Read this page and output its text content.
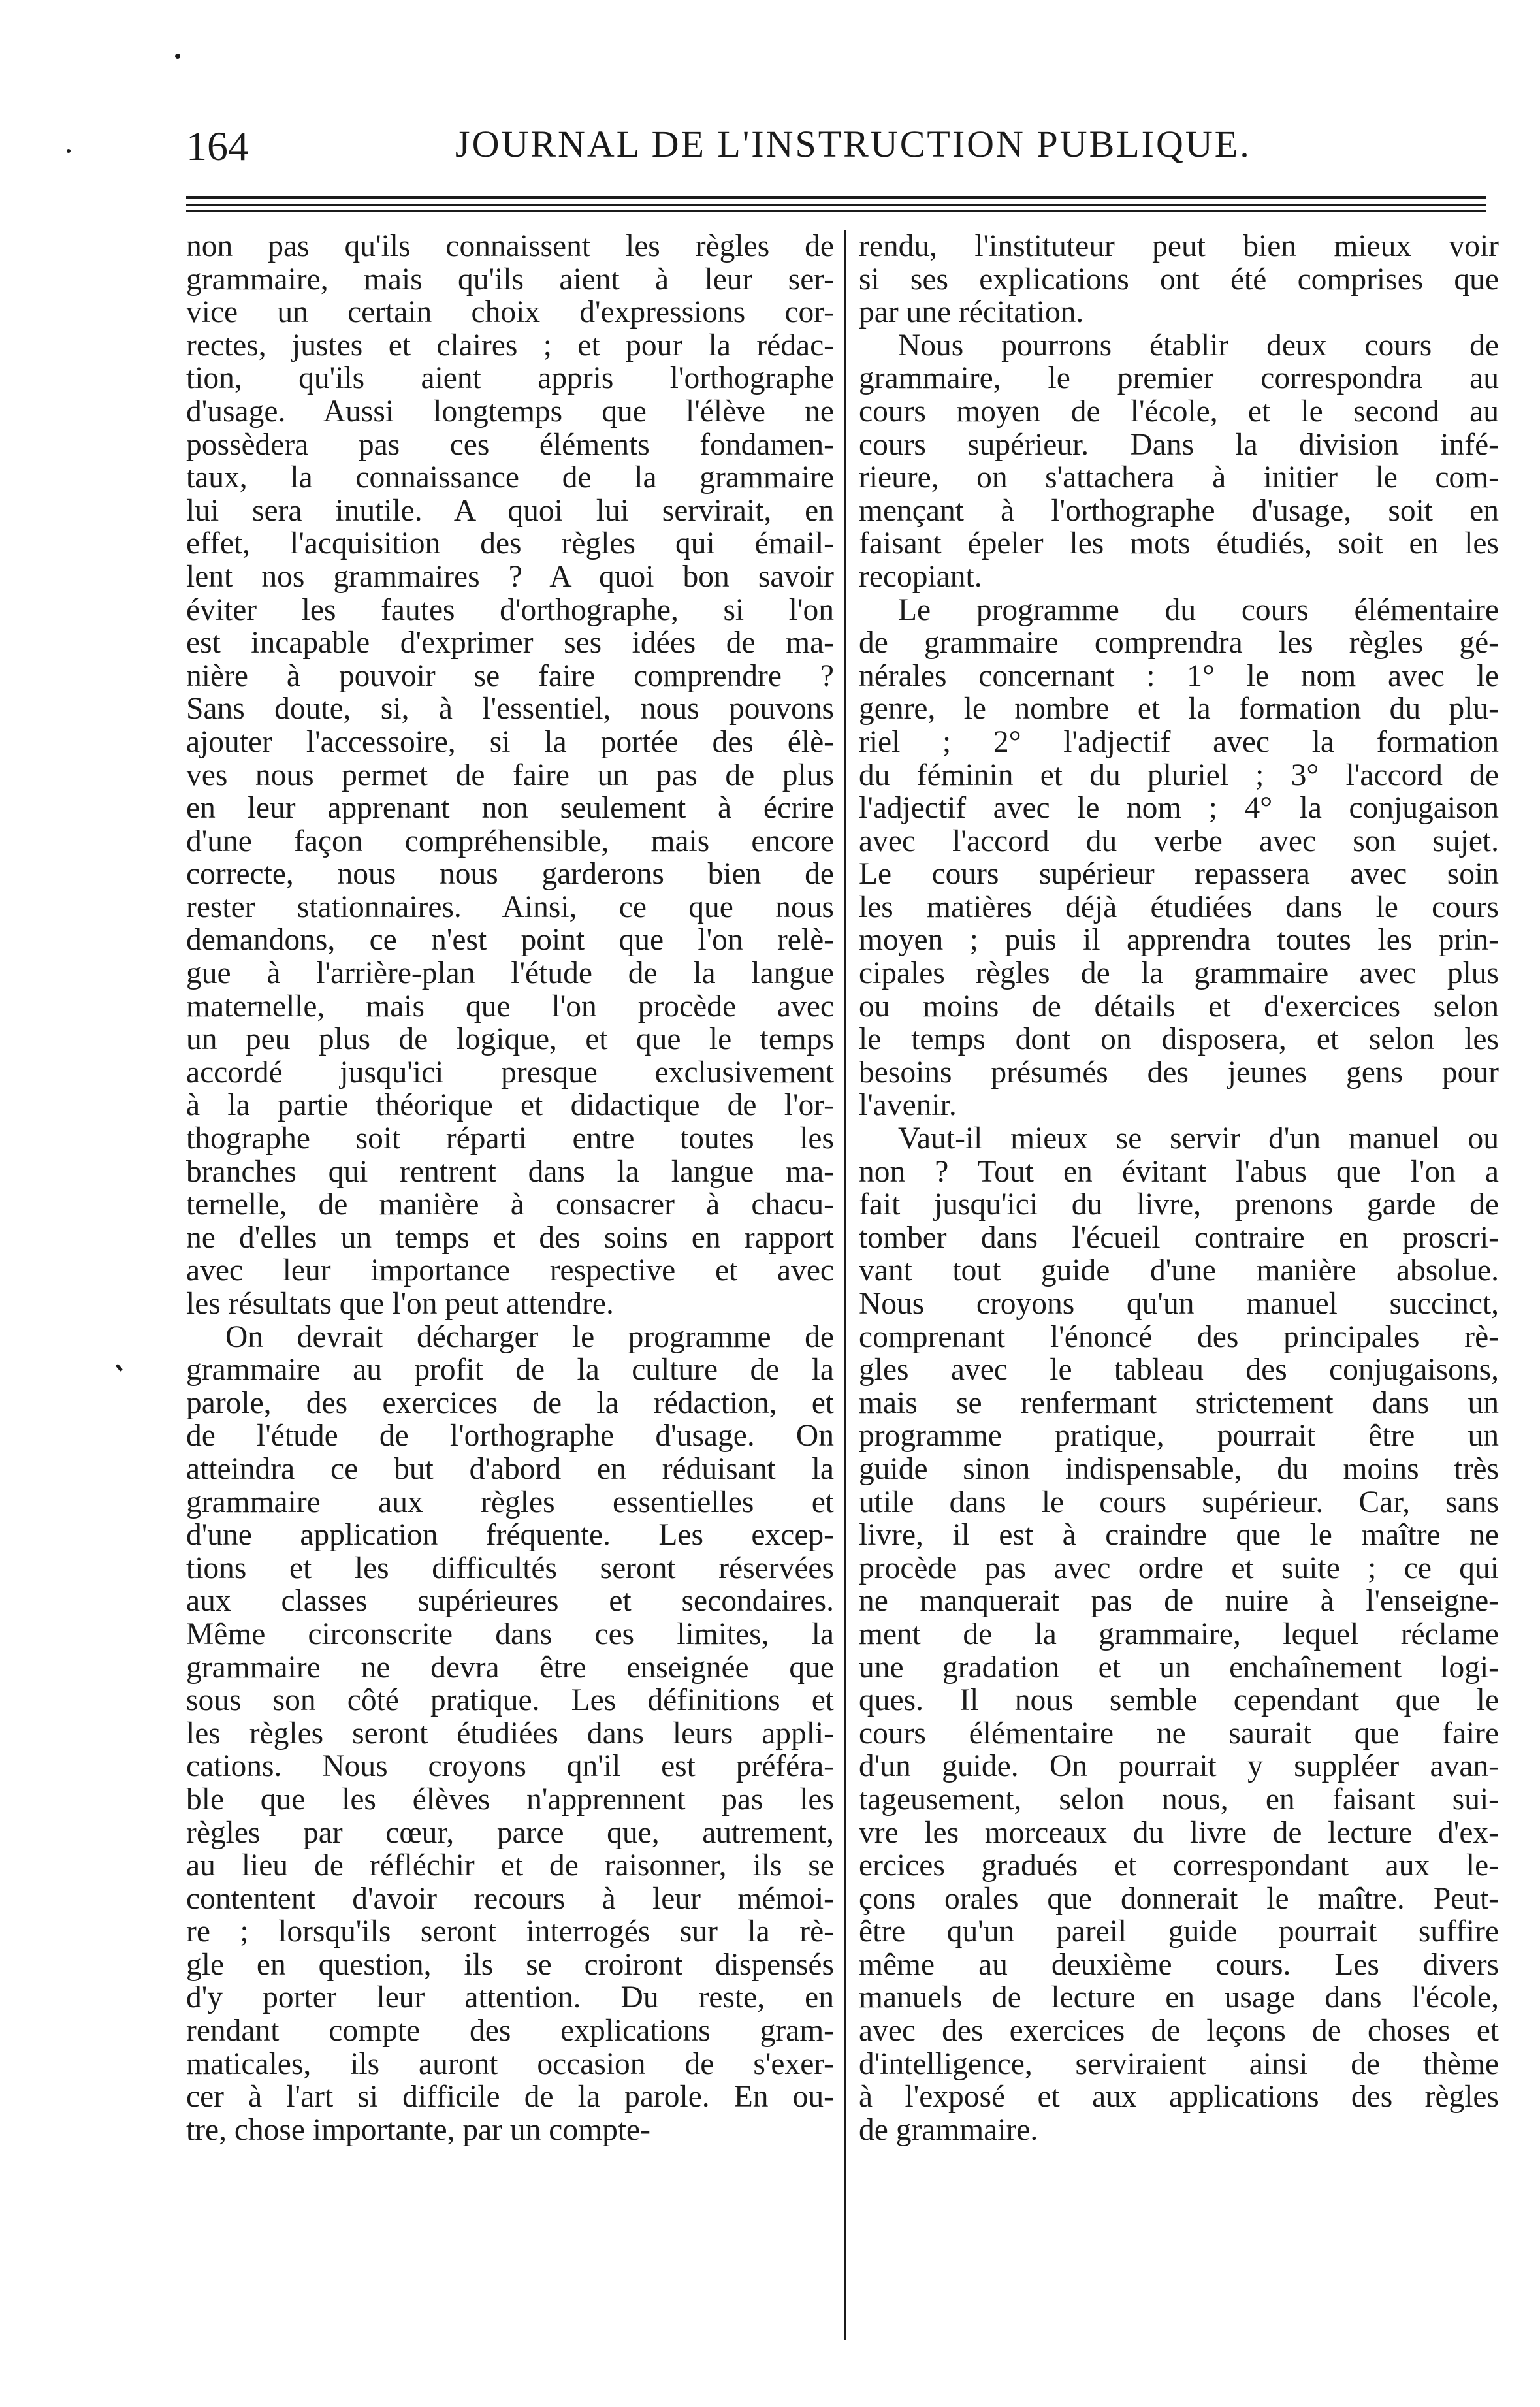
164	JOURNAL DE L'INSTRUCTION PUBLIQUE.
non pas qu'ils connaissent les règles de
grammaire, mais qu'ils aient à leur ser-
vice un certain choix d'expressions cor-
rectes, justes et claires ; et pour la rédac-
tion, qu'ils aient appris l'orthographe
d'usage. Aussi longtemps que l'élève ne
possèdera pas ces éléments fondamen-
taux, la connaissance de la grammaire
lui sera inutile. A quoi lui servirait, en
effet, l'acquisition des règles qui émail-
lent nos grammaires ? A quoi bon savoir
éviter les fautes d'orthographe, si l'on
est incapable d'exprimer ses idées de ma-
nière à pouvoir se faire comprendre ?
Sans doute, si, à l'essentiel, nous pouvons
ajouter l'accessoire, si la portée des élè-
ves nous permet de faire un pas de plus
en leur apprenant non seulement à écrire
d'une façon compréhensible, mais encore
correcte, nous nous garderons bien de
rester stationnaires. Ainsi, ce que nous
demandons, ce n'est point que l'on relè-
gue à l'arrière-plan l'étude de la langue
maternelle, mais que l'on procède avec
un peu plus de logique, et que le temps
accordé jusqu'ici presque exclusivement
à la partie théorique et didactique de l'or-
thographe soit réparti entre toutes les
branches qui rentrent dans la langue ma-
ternelle, de manière à consacrer à chacu-
ne d'elles un temps et des soins en rapport
avec leur importance respective et avec
les résultats que l'on peut attendre.
On devrait décharger le programme de
grammaire au profit de la culture de la
parole, des exercices de la rédaction, et
de l'étude de l'orthographe d'usage. On
atteindra ce but d'abord en réduisant la
grammaire aux règles essentielles et
d'une application fréquente. Les excep-
tions et les difficultés seront réservées
aux classes supérieures et secondaires.
Même circonscrite dans ces limites, la
grammaire ne devra être enseignée que
sous son côté pratique. Les définitions et
les règles seront étudiées dans leurs appli-
cations. Nous croyons qn'il est préféra-
ble que les élèves n'apprennent pas les
règles par cœur, parce que, autrement,
au lieu de réfléchir et de raisonner, ils se
contentent d'avoir recours à leur mémoi-
re ; lorsqu'ils seront interrogés sur la rè-
gle en question, ils se croiront dispensés
d'y porter leur attention. Du reste, en
rendant compte des explications gram-
maticales, ils auront occasion de s'exer-
cer à l'art si difficile de la parole. En ou-
tre, chose importante, par un compte-
rendu, l'instituteur peut bien mieux voir
si ses explications ont été comprises que
par une récitation.
Nous pourrons établir deux cours de
grammaire, le premier correspondra au
cours moyen de l'école, et le second au
cours supérieur. Dans la division infé-
rieure, on s'attachera à initier le com-
mençant à l'orthographe d'usage, soit en
faisant épeler les mots étudiés, soit en les
recopiant.
Le programme du cours élémentaire
de grammaire comprendra les règles gé-
nérales concernant : 1° le nom avec le
genre, le nombre et la formation du plu-
riel ; 2° l'adjectif avec la formation
du féminin et du pluriel ; 3° l'accord de
l'adjectif avec le nom ; 4° la conjugaison
avec l'accord du verbe avec son sujet.
Le cours supérieur repassera avec soin
les matières déjà étudiées dans le cours
moyen ; puis il apprendra toutes les prin-
cipales règles de la grammaire avec plus
ou moins de détails et d'exercices selon
le temps dont on disposera, et selon les
besoins présumés des jeunes gens pour
l'avenir.
Vaut-il mieux se servir d'un manuel ou
non ? Tout en évitant l'abus que l'on a
fait jusqu'ici du livre, prenons garde de
tomber dans l'écueil contraire en proscri-
vant tout guide d'une manière absolue.
Nous croyons qu'un manuel succinct,
comprenant l'énoncé des principales rè-
gles avec le tableau des conjugaisons,
mais se renfermant strictement dans un
programme pratique, pourrait être un
guide sinon indispensable, du moins très
utile dans le cours supérieur. Car, sans
livre, il est à craindre que le maître ne
procède pas avec ordre et suite ; ce qui
ne manquerait pas de nuire à l'enseigne-
ment de la grammaire, lequel réclame
une gradation et un enchaînement logi-
ques. Il nous semble cependant que le
cours élémentaire ne saurait que faire
d'un guide. On pourrait y suppléer avan-
tageusement, selon nous, en faisant sui-
vre les morceaux du livre de lecture d'ex-
ercices gradués et correspondant aux le-
çons orales que donnerait le maître. Peut-
être qu'un pareil guide pourrait suffire
même au deuxième cours. Les divers
manuels de lecture en usage dans l'école,
avec des exercices de leçons de choses et
d'intelligence, serviraient ainsi de thème
à l'exposé et aux applications des règles
de grammaire.
